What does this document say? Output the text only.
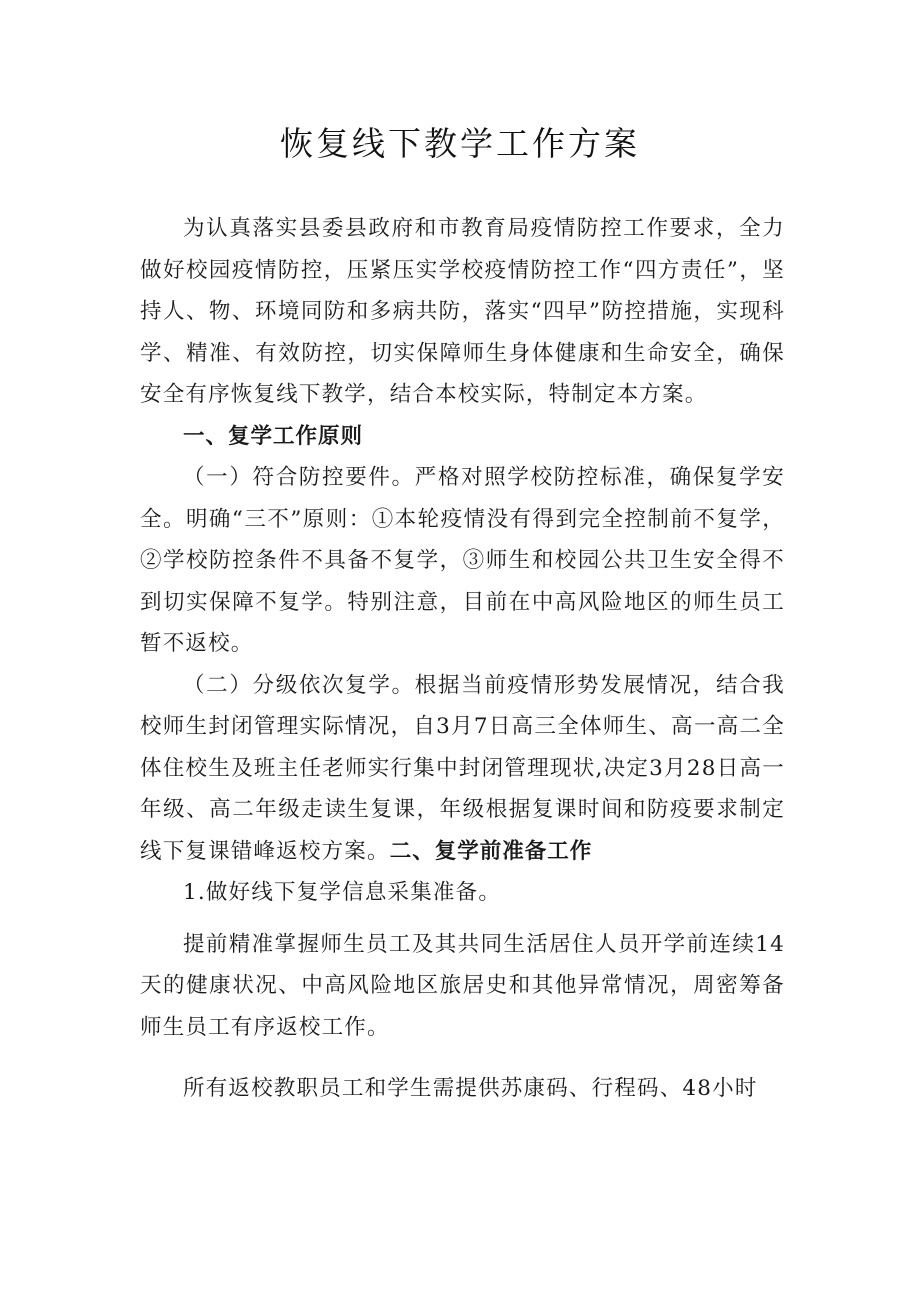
恢复线下教学工作方案

为认真落实县委县政府和市教育局疫情防控工作要求，全力做好校园疫情防控，压紧压实学校疫情防控工作“四方责任”，坚持人、物、环境同防和多病共防，落实“四早”防控措施，实现科学、精准、有效防控，切实保障师生身体健康和生命安全，确保安全有序恢复线下教学，结合本校实际，特制定本方案。

一、复学工作原则

（一）符合防控要件。严格对照学校防控标准，确保复学安全。明确“三不”原则：①本轮疫情没有得到完全控制前不复学，②学校防控条件不具备不复学，③师生和校园公共卫生安全得不到切实保障不复学。特别注意，目前在中高风险地区的师生员工暂不返校。

（二）分级依次复学。根据当前疫情形势发展情况，结合我校师生封闭管理实际情况，自3月7日高三全体师生、高一高二全体住校生及班主任老师实行集中封闭管理现状,决定3月28日高一年级、高二年级走读生复课，年级根据复课时间和防疫要求制定线下复课错峰返校方案。二、复学前准备工作

1.做好线下复学信息采集准备。

提前精准掌握师生员工及其共同生活居住人员开学前连续14天的健康状况、中高风险地区旅居史和其他异常情况，周密筹备师生员工有序返校工作。

所有返校教职员工和学生需提供苏康码、行程码、48小时
